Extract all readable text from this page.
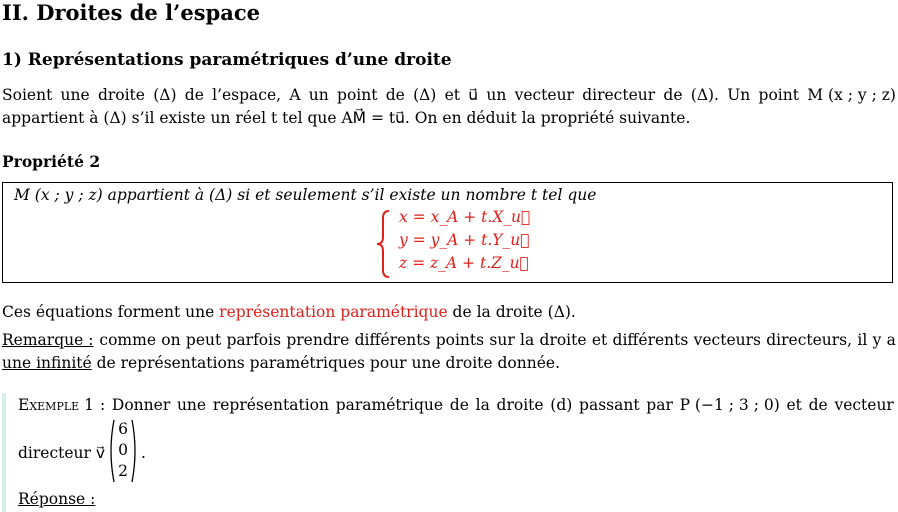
II. Droites de l’espace
1) Représentations paramétriques d’une droite
Soient une droite (Δ) de l’espace, A un point de (Δ) et u⃗ un vecteur directeur de (Δ). Un point M (x ; y ; z)
appartient à (Δ) s’il existe un réel t tel que AM⃗ = tu⃗. On en déduit la propriété suivante.
Propriété 2
M (x ; y ; z) appartient à (Δ) si et seulement s’il existe un nombre t tel que
x = x_A + t.X_u⃗
y = y_A + t.Y_u⃗
z = z_A + t.Z_u⃗
Ces équations forment une représentation paramétrique de la droite (Δ).
Remarque : comme on peut parfois prendre différents points sur la droite et différents vecteurs directeurs, il y a
une infinité de représentations paramétriques pour une droite donnée.
Exemple 1 : Donner une représentation paramétrique de la droite (d) passant par P (−1 ; 3 ; 0) et de vecteur
directeur v⃗
6
0
2
.
Réponse :
